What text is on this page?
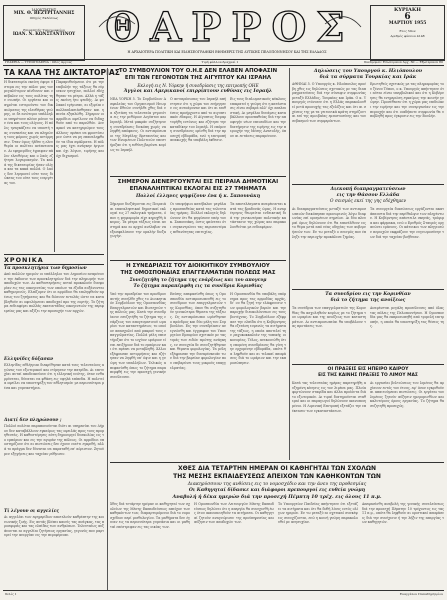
ΙΔΙΟΚΤΗΤΗΣ
ΜΙΧ. Θ. ΒΕΖΥΡΓΙΑΝΝΗΣ
Οδηγός Εκδόσεως
Επιμελητής Τυπογραφείου
ΙΩΑΝ. Ν. ΚΩΝΣΤΑΝΤΙΝΟΥ ΘΑΡΡΟΣ	ΚΥΡΙΑΚΗ
6
ΜΑΡΤΙΟΥ 1955
Ετος 59ον
Αριθμός φύλλου 4148
Η ΑΡΧΑΙΟΤΕΡΑ ΠΟΛΙΤΙΚΗ ΚΑΙ ΕΙΔΗΣΕΟΓΡΑΦΙΚΗ ΕΦΗΜΕΡΙΣ ΤΗΣ ΔΥΤΙΚΗΣ ΠΕΛΟΠΟΝΝΗΣΟΥ ΚΑΙ ΤΗΣ ΕΛΛΑΔΟΣ
ΓΡΑΦΕΙΑ — ΤΥΠΟΓΡΑΦΕΙΑ : Οδός Άργους	Τιμή φύλλου δραχμαί 1	Συνδρομαί: Εσωτερικού Δρχ. 60 — Εξωτερικού 80
ΤΑ ΚΑΛΑ ΤΗΣ ΔΙΚΤΑΤΟΡΙΑΣ
Η δικτατορία εκείνη έφερε ύστερα εις την πόλιν μας τον μεγαλύτερον κίνδυνον και επέβαλεν εις τους πολίτας την σιωπήν. Οι εργάται και οι αγρόται εστερούντο του δικαιώματος της ελευθέρας γνώμης, οι δε ανώτεροι υπάλληλοι υπηρέτουν πλέον μόνον τον ένα και τους ολίγους. Η πόλις ηναγκάζετο να υποστή τας συνεπείας και να πληρώνη τους φόρους χωρίς αντίρρησιν. Όταν όμως ήλθεν η ελευθερία οι πολίται ανέπνευσαν. Αι εφημερίδες έγραψαν πάλιν ελευθέρως και ο λαός εζήτησε λογαριασμόν. Τα καλά της δικτατορίας ήσαν ολίγα και τα κακά πολλά. Ο λαός δεν λησμονεί ούτε τους διώκτας του ούτε τους ευεργέτας του.
Παραμυθούμενοι ότι με την επιβολήν της τάξεως θα εύρισκον ησυχίαν, πολλοί εδέχθησαν τα μέτρα. Αλλά η τάξις εκείνη ήτο ψευδής. Αι φυλακαί εγέμισαν, αι εξορίαι επολλαπλασιάσθησαν και η πενία εξηπλώθη. Σήμερον οι αρμόδιοι οφείλουν να διδαχθούν από το παρελθόν. Δεν αρκεί να κατηγορώμεν τους άλλους· πρέπει να φροντίσωμεν ώστε να μη επαναληφθούν τα ίδια σφάλματα. Η πόλις μας έχει ανάγκην έργων και όχι λόγων, ειρήνης και όχι διχασμού.
ΧΡΟΝΙΚΑ
Τα προσκλητήρια των δημοσίων
Από πολλών ημερών οι υπάλληλοι του Δημοσίου αναμένουν την έκδοσιν των προσκλητηρίων διά την πληρωμήν των αποδοχών των. Αι καθυστερήσεις αυταί προκαλούν δυσφορίαν εις τας οικογενείας των οποίων τα έξοδα αυξάνονται καθημερινώς. Ελπίζομεν ότι οι αρμόδιοι θα επιληφθούν αμέσως του ζητήματος και θα δώσουν εντολάς ώστε να καταβληθούν αι οφειλόμεναι αποδοχαί προ της εορτής. Το ζήτημα ενδιαφέρει πολλάς εκατοντάδας οικογενειών της περιφερείας μας και αξίζει την προσοχήν των αρχών.
Ελληνίδες δόξασαν
Ελληνίδες αθλήτριαι διεκρίθησαν κατά τους τελευταίους αγώνας του εξωτερικού και ετίμησαν την πατρίδα. Αι επιτυχίαι αυταί αποδεικνύουν ότι η ελληνική νεότης, όταν ενθαρρύνεται, δύναται να φθάση εις υψηλά επίπεδα. Η πολιτεία οφείλει να υποστηρίξη τον αθλητισμόν με περισσότερα μέσα και γυμναστήρια.
Διατί δεν πληρώνουν ;
Πολλοί πολίται παραπονούνται διότι αι υπηρεσίαι του Δήμου δεν καταβάλλουν εγκαίρως τας οφειλάς προς τους προμηθευτάς. Η καθυστέρησις αύτη δημιουργεί δυσκολίας εις το εμπόριον και εις την αγοράν της πόλεως. Οι αρμόδιοι υποστηρίζουν ότι αι πιστώσεις δεν έχουν εισέτι εγκριθή, αλλά το πράγμα δεν δύναται να παραταθή επ' αόριστον. Ζητούμεν εξηγήσεις και ταχείαν ρύθμισιν.
Τί λέγουν οι αγγελίες
Αι αγγελίαι των εφημερίδων αποτελούν καθρέπτην της κοινωνικής ζωής. Εις αυτάς βλέπει κανείς τας ανάγκας, τας προσφοράς και τας ελπίδας των ανθρώπων. Τελευταίως αυξάνονται αι αγγελίαι ζητήσεως εργασίας, γεγονός που μαρτυρεί την ανεργίαν εις την περιφέρειαν.
ΤΟ ΣΥΜΒΟΥΛΙΟΝ ΤΟΥ Ο.Η.Ε ΔΕΝ ΕΛΑΒΕΝ ΑΠΟΦΑΣΙΝ
ΕΠΙ ΤΩΝ ΓΕΓΟΝΟΤΩΝ ΤΗΣ ΑΙΓΥΠΤΟΥ ΚΑΙ ΙΣΡΑΗΛ
Εκλογή εις Ν. Υόρκην ή συνεδρίασις της επιτροπής ΟΗΕ
Άγγλοι και Αμερικανοί επιρρίπτουν ευθύνας εις Ισραήλ
ΝΕΑ ΥΟΡΚΗ 5. Το Συμβούλιον Ασφαλείας του Οργανισμού Ηνωμένων Εθνών συνήλθε χθες διά να εξετάση τα τελευταία γεγονότα εις την μεθόριον Αιγύπτου και Ισραήλ. Μετά μακράν συζήτησιν η συνεδρίασις διεκόπη χωρίς να ληφθή απόφασις. Οι αντιπρόσωποι της Μεγάλης Βρεταννίας και των Ηνωμένων Πολιτειών υπεστήριξαν ότι η ευθύνη βαρύνει κυρίως το Ισραήλ.
Ο αντιπρόσωπος του Ισραήλ απήντησεν ότι η χώρα του ενήργησεν εις αυτοάμυναν και ότι αι επιθέσεις προήρχοντο από το αιγυπτιακόν έδαφος. Η Αίγυπτος διεμαρτυρήθη εντόνως και εζήτησε την καταδίκην του Ισραήλ. Η επόμενη συνεδρίασις ορίσθη διά την προσεχή εβδομάδα, ενώ η επιτροπή ανακωχής θα υποβάλη έκθεσιν.
Εις τους διπλωματικούς κύκλους επικρατεί η γνώμη ότι η κατάστασις είναι σοβαρά αλλ' όχι απελπιστική. Αι μεγάλαι δυνάμεις καταβάλλουν προσπαθείας διά την αποφυγήν νέων επεισοδίων και την διατήρησιν της ειρήνης εις την περιοχήν της Μέσης Ανατολής, όπου αι εντάσεις παραμένουν.
ΣΗΜΕΡΟΝ ΔΙΕΝΕΡΓΟΥΝΤΑΙ ΕΙΣ ΠΕΙΡΑΙΑ ΔΗΜΟΤΙΚΑΙ
ΕΠΑΝΑΛΗΠΤΙΚΑΙ ΕΚΛΟΓΑΙ ΕΙΣ 27 ΤΜΗΜΑΤΑ
Πολλοί έλληνες ψηφίζουν ένα ή κ. Σαπουνάκη
Σήμερον διεξάγονται εις Πειραιά αι επαναληπτικαί δημοτικαί εκλογαί εις 27 εκλογικά τμήματα, όπου η ψηφοφορία είχε κηρυχθή άκυρος. Τα μέτρα τάξεως είναι αυστηρά και αι αρχαί ανέλαβον να εξασφαλίσουν την ομαλήν διεξαγωγήν.
Οι υποψήφιοι κατέβαλον μεγάλας προσπαθείας κατά τας τελευταίας ημέρας. Πολλοί εκλογείς δηλώνουν ότι θα ψηφίσουν υπέρ του κ. Σαπουνάκη, όστις φαίνεται ότι συγκεντρώνει τας περισσοτέρας πιθανότητας επιτυχίας.
Τα αποτελέσματα αναμένονται κατά τας βραδυνάς ώρας. Η αναμέτρησις θεωρείται ενδεικτική διά την γενικωτέραν πολιτικήν κατάστασιν της χώρας και παρακολουθείται με ενδιαφέρον.
Η ΣΥΝΕΔΡΙΑΣΙΣ ΤΟΥ ΔΙΟΙΚΗΤΙΚΟΥ ΣΥΜΒΟΥΛΙΟΥ
ΤΗΣ ΟΜΟΣΠΟΝΔΙΑΣ ΕΠΑΓΓΕΛΜΑΤΙΩΝ ΠΟΛΕΩΣ ΜΑΣ
Συνεζητήθη το ζήτημα της ενάρξεως και του απογευμ
Το ζήτημα παραπέμφθη εις τα συνέδρια Κορινθίας
Υπό την προεδρίαν του προέδρου αυτής συνήλθε χθες το Διοικητικόν Συμβούλιον της Ομοσπονδίας Επαγγελματιών και Βιοτεχνών της πόλεώς μας. Κατά την συνεδρίασιν εσυζητήθη το ζήτημα της ενάρξεως του απογευματινού ωραρίου των καταστημάτων, το οποίον απασχολεί από μακρού τους επαγγελματίας. Πολλά μέλη υπεστήριξαν ότι το ισχύον ωράριον είναι επιζήμιον διά το εμπόριον και ότι πρέπει να μεταβληθή. Άλλοι εξέφρασαν αντιρρήσεις και εζήτησαν να ληφθή υπ' όψιν και η γνώμη των υπαλλήλων. Τελικώς απεφασίσθη όπως το ζήτημα παραπεμφθή εις την προσεχή γενικήν συνέλευσιν.
Επίσης απεφασίσθη όπως η Ομοσπονδία αντιπροσωπευθή εις το συνέδριον των επαγγελματιών της Κορινθίας, όπου θα συζητηθούν γενικώτερα θέματα της τάξεως. Ως αντιπρόσωποι ωρίσθησαν ο πρόεδρος και δύο μέλη του Συμβουλίου. Εις την συνεδρίασιν ανεγνώσθη και έγγραφον του Υπουργείου Εμπορίου σχετικόν με τας τιμάς των ειδών πρώτης ανάγκης, εν συνεχεία δε συνεζητήθησαν και θέματα φορολογίας. Τα μέλη εξέφρασαν την δυσαρέσκειάν των διά την βαρείαν φορολογίαν που επιβαρύνει τους μικρούς επαγγελματίας.
Η Ομοσπονδία θα υποβάλη υπόμνημα προς τας αρμοδίας αρχάς, δι' ου θα ζητή την ελάφρυνσιν των φορολογικών βαρών και την παροχήν διευκολύνσεων εις τους βιοτέχνας. Το Συμβούλιον εξέφρασε την ελπίδα ότι η Κυβέρνησις θα εξετάση ευμενώς τα αιτήματα της τάξεως, η οποία αποτελεί την ραχοκοκκαλιάν της τοπικής οικονομίας. Τέλος, ανεκοινώθη ότι η επομένη συνεδρίασις θα γίνη την ερχομένην εβδομάδα, οπότε θα ληφθούν και αι τελικαί αποφάσεις διά το ωράριον και την εκπροσώπησιν.
Δηλώσεις του Υπουργού κ. Ηλιόπουλου
διά τα σύρματα Τουρκίας και Ιράκ
ΑΘΗΝΑΙ 5. Ο Υπουργός κ. Ηλιόπουλος προέβη χθες εις δηλώσεις σχετικώς με τας διαπραγματεύσεις διά την σύναψιν συμφωνίας μεταξύ Ελλάδος, Τουρκίας και Ιράκ. Ο κ. Υπουργός ετόνισεν ότι η Ελλάς παρακολουθεί μετά προσοχής τας εξελίξεις και ότι αι σχέσεις της με τα γειτονικά κράτη στηρίζονται επί της αμοιβαίας εμπιστοσύνης και του σεβασμού των συμφερόντων.
Ερωτηθείς σχετικώς με τας πληροφορίας του ξένου Τύπου, ο κ. Υπουργός απήντησεν ότι αύται είναι υπερβολικαί και ότι η Κυβέρνησις θα ενημερώση εγκαίρως την κοινήν γνώμην. Προσέθεσεν ότι η χώρα μας επιδιώκει την ειρήνην και την συνεργασίαν εις την περιοχήν και ότι οιαδήποτε συμφωνία θα υποβληθή προς έγκρισιν εις την Βουλήν.
Διεκοπή διαπραγματεύσεων
εις την Θάσσον Ελλάδα
Ο σεισμός εκεί της γης εδέχθημεν
Αι διαπραγματεύσεις μεταξύ των αντιπροσωπειών διεκόπησαν προσωρινώς λόγω διαφωνίας επί ορισμένων σημείων. Αι δύο πλευραί όμως δηλώνουν ότι θα επανέλθουν εις το θέμα μετά από νέας οδηγίας των κυβερνήσεών των. Εν τω μεταξύ ο σεισμός που έπληξε την περιοχήν προκάλεσε ζημίας.
Τα συνεργεία διασώσεως εργάζονται ακατάπαυστα διά την περίθαλψιν των πληγέντων. Η Κυβέρνησις απέστειλε σκηνάς, τρόφιμα και φάρμακα, ενώ ο Ερυθρός Σταυρός οργανώνει εράνους. Οι κάτοικοι των πληγεισών περιοχών εκφράζουν την ευγνωμοσύνην των διά την ταχείαν βοήθειαν.
Τα συνεδρίου εις την Κορινθίαν
διά το ζήτημα της ανοίξεως
Τα συνέδρια των επαγγελματιών της Κορινθίας θα ασχοληθούν κυρίως με το ζήτημα του ωραρίου και της ανοίξεως των καταστημάτων. Αι αντιπροσωπείαι θα υποβάλουν τας προτάσεις των.
Αναμένεται μεγάλη προσέλευσις από όλας τας πόλεις της Πελοποννήσου. Η Ομοσπονδία μας θα εκπροσωπηθή από τριμελή επιτροπήν, η οποία θα υποστηρίξη τας θέσεις της.
ΟΙ ΠΡΑΞΕΙΣ ΕΙΣ ΗΠΕΙΡΟ ΚΑΙΡΟΥ
ΕΙΣ ΤΗΣ ΚΑΙΝΗΣ ΠΡΑΞΕΙΣ ΤΟ ΛΙΜΟΥ ΜΑΣ
Κατά τας τελευταίας ημέρας παρετηρήθη αυξημένη κίνησις εις τον λιμένα μας. Πλοία φορτώνουν σταφίδα και άλλα προϊόντα διά το εξωτερικόν. Αι τιμαί διατηρούνται σταθεραί και οι παραγωγοί δηλώνουν ικανοποιημένοι. Η Λιμενική Επιτροπή εξετάζει την επέκτασιν των εγκαταστάσεων.
Αι εργασίαι βελτιώσεως του λιμένος θα αρχίσουν εντός του έτους, εφ' όσον εγκριθούν αι απαιτούμεναι πιστώσεις. Οι εργάται του λιμένος ζητούν αύξησιν ημερομισθίων και καλυτέρους όρους εργασίας. Το ζήτημα θα συζητηθή προσεχώς.
ΧΘΕΣ ΔΙΑ ΤΕΤΑΡΤΗΝ ΗΜΕΡΑΝ ΟΙ ΚΑΘΗΓΗΤΑΙ ΤΩΝ ΣΧΟΛΩΝ
ΤΗΣ ΜΕΣΗΣ ΕΚΠΑΙΔΕΥΣΕΩΣ ΑΠΕΙΧΟΝ ΤΩΝ ΚΑΘΗΚΟΝΤΩΝ ΤΩΝ
Διακηρύσσουν της ανθίσεις εις το νομοσχέδιο και την άνευ της προθεσμίας
Οι Καθηγηταί δίδασκε και διάφοροι πρεπουργοί εις ευθεία γνώμη
Αναβολή ή δέκα ημερών διά την προσεχή Πέμπτη 10 τρέχ. εις όλους 11 π.μ.
Χθες διά τετάρτην ημέραν οι καθηγηταί των σχολείων της Μέσης Εκπαιδεύσεως απείχον των καθηκόντων των, διαμαρτυρόμενοι διά το νομοσχέδιον περί μισθολογίου. Τα μαθήματα δεν έγιναν εις τα περισσότερα γυμνάσια και οι μαθηταί επέστρεψαν εις τας οικίας των.
Η Ομοσπονδία των Λειτουργών Μέσης Εκπαιδεύσεως δηλώνει ότι η απεργία θα συνεχισθή έως ότου ικανοποιηθούν τα αιτήματα. Οι καθηγηταί ζητούν αναγνώρισιν της προϋπηρεσίας και αύξησιν των αποδοχών των.
Το Υπουργείον Παιδείας απήντησεν ότι εξετάζει τα αιτήματα και ότι θα δοθή λύσις εντός ολίγων ημερών. Εν τω μεταξύ αι σχετικαί συσκέψεις συνεχίζονται, ενώ η κοινή γνώμη παρακολουθεί με ανησυχίαν.
Απεφασίσθη αναβολή της γενικής συνελεύσεως διά την προσεχή Πέμπτην 10 τρέχοντος εις τας 11 π.μ., οπότε θα ληφθούν αι οριστικαί αποφάσεις διά την συνέχισιν ή την λήξιν της απεργίας των καθηγητών.
Σελίς 1	Ευαγγέλου Παπαδημητρίου
